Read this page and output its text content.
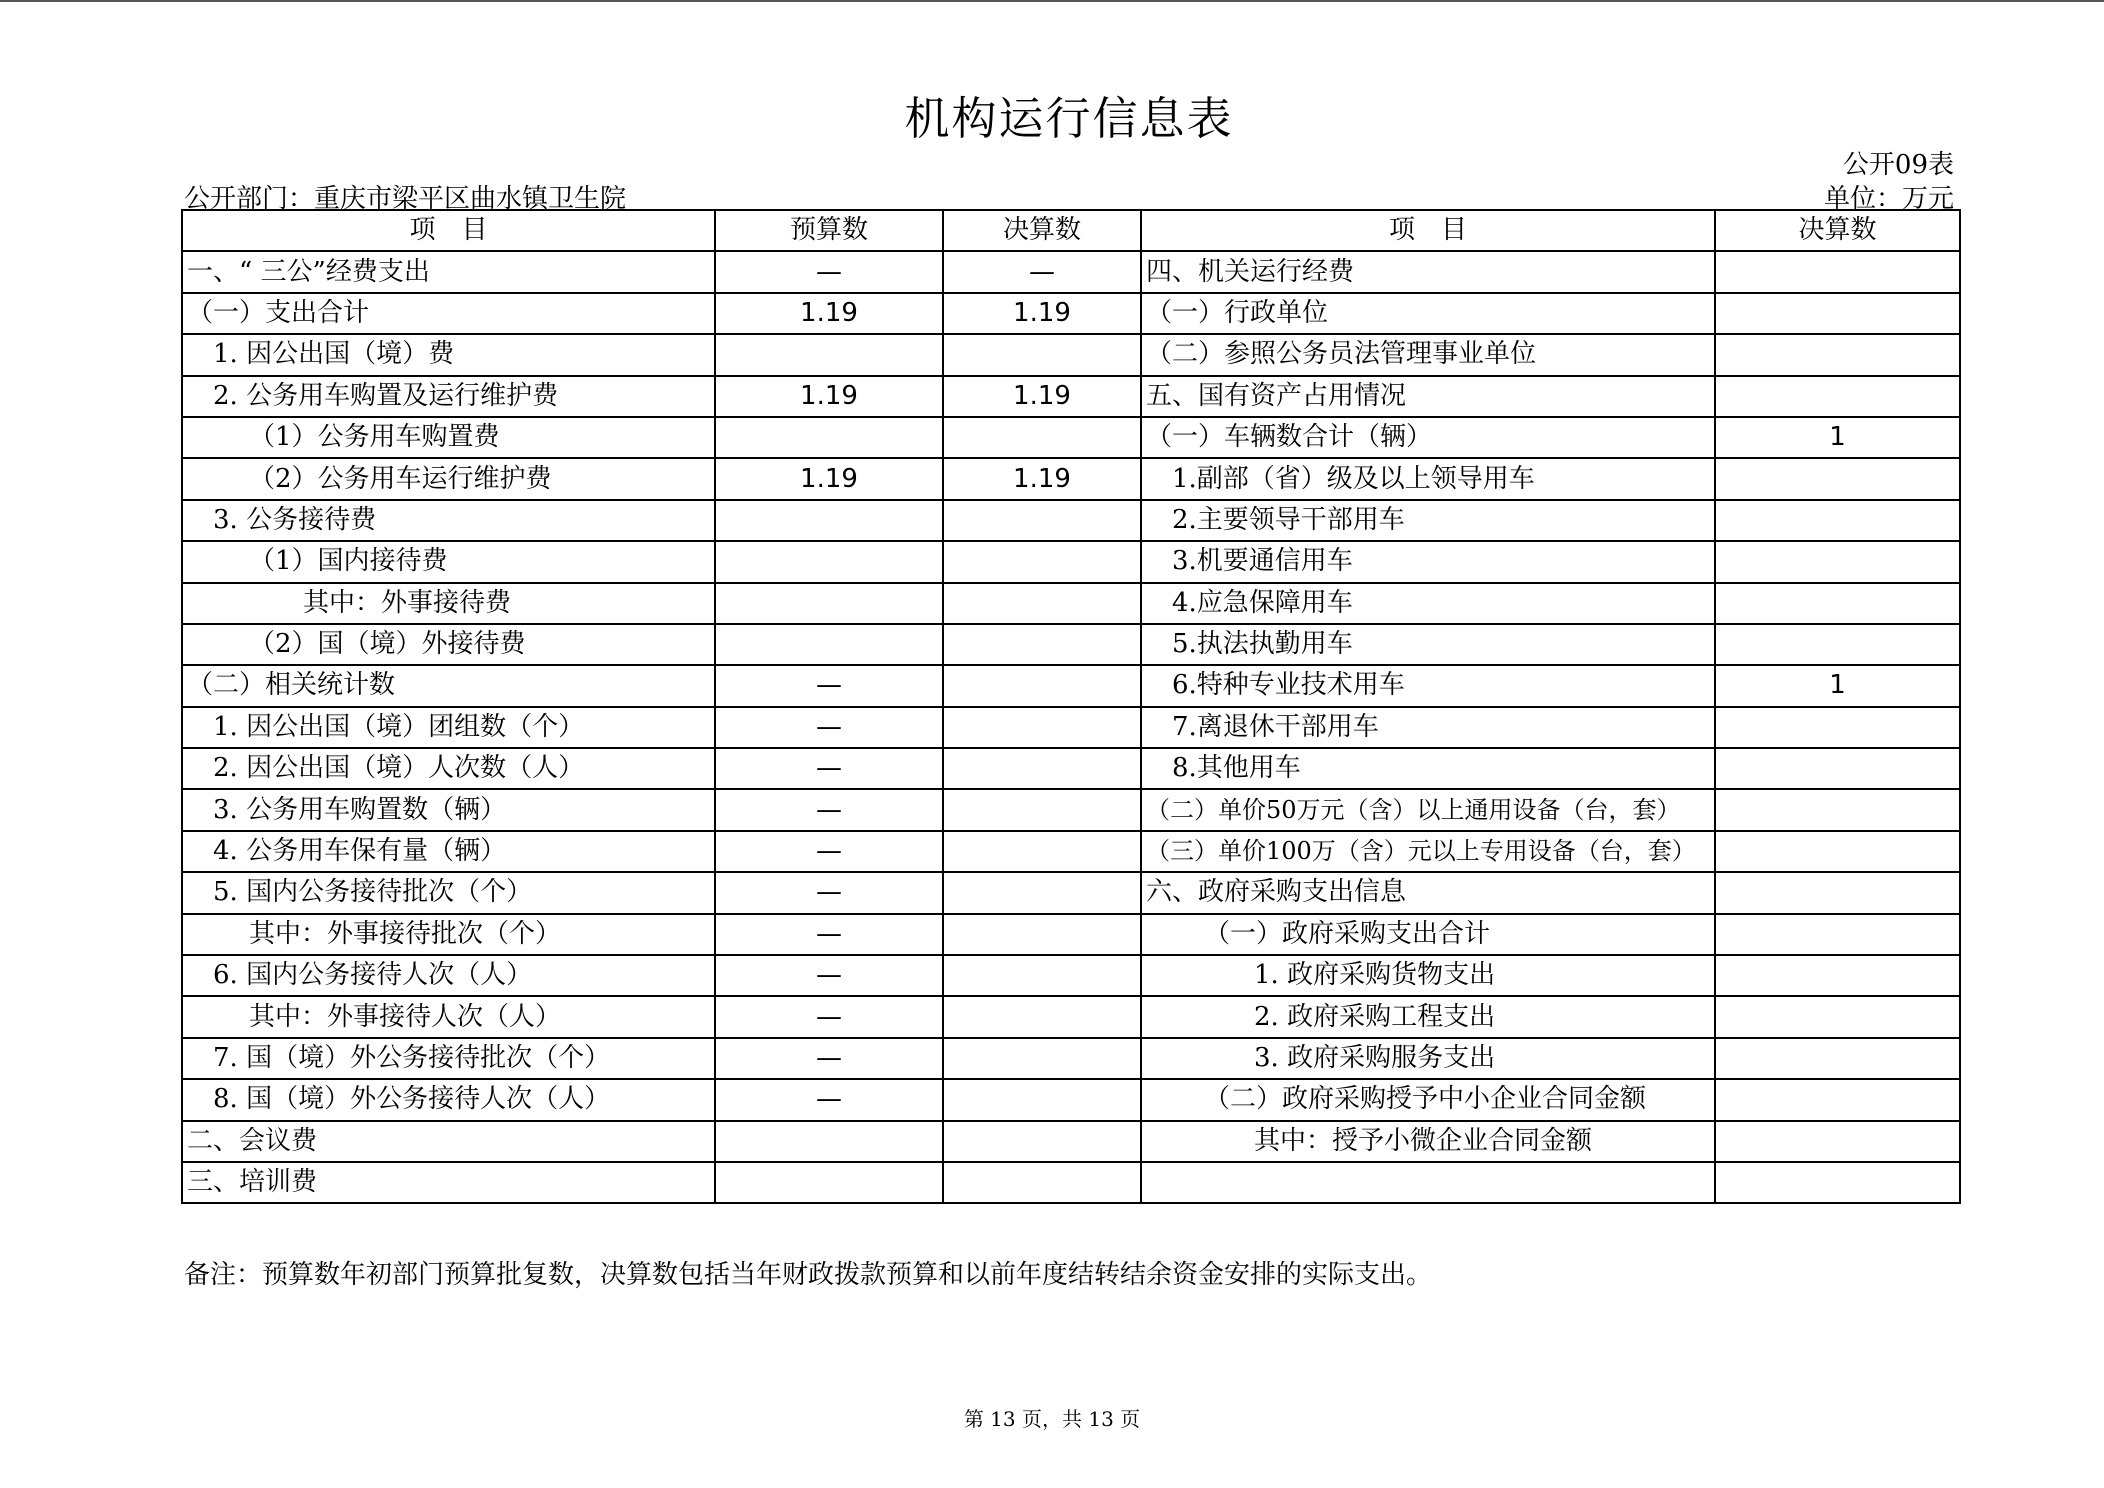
机构运行信息表
公开09表
公开部门：重庆市梁平区曲水镇卫生院	单位：万元
项　目	预算数	决算数	项　目	决算数
一、“ 三公”经费支出	—	—	四、机关运行经费	
（一）支出合计	1.19	1.19	（一）行政单位	
1. 因公出国（境）费			（二）参照公务员法管理事业单位	
2. 公务用车购置及运行维护费	1.19	1.19	五、国有资产占用情况	
（1）公务用车购置费			（一）车辆数合计（辆）	1
（2）公务用车运行维护费	1.19	1.19	1.副部（省）级及以上领导用车	
3. 公务接待费			2.主要领导干部用车	
（1）国内接待费			3.机要通信用车	
其中：外事接待费			4.应急保障用车	
（2）国（境）外接待费			5.执法执勤用车	
（二）相关统计数	—		6.特种专业技术用车	1
1. 因公出国（境）团组数（个）	—		7.离退休干部用车	
2. 因公出国（境）人次数（人）	—		8.其他用车	
3. 公务用车购置数（辆）	—		（二）单价50万元（含）以上通用设备（台，套）	
4. 公务用车保有量（辆）	—		（三）单价100万（含）元以上专用设备（台，套）	
5. 国内公务接待批次（个）	—		六、政府采购支出信息	
其中：外事接待批次（个）	—		（一）政府采购支出合计	
6. 国内公务接待人次（人）	—		1. 政府采购货物支出	
其中：外事接待人次（人）	—		2. 政府采购工程支出	
7. 国（境）外公务接待批次（个）	—		3. 政府采购服务支出	
8. 国（境）外公务接待人次（人）	—		（二）政府采购授予中小企业合同金额	
二、会议费			其中：授予小微企业合同金额	
三、培训费				
备注：预算数年初部门预算批复数，决算数包括当年财政拨款预算和以前年度结转结余资金安排的实际支出。
第 13 页，共 13 页
